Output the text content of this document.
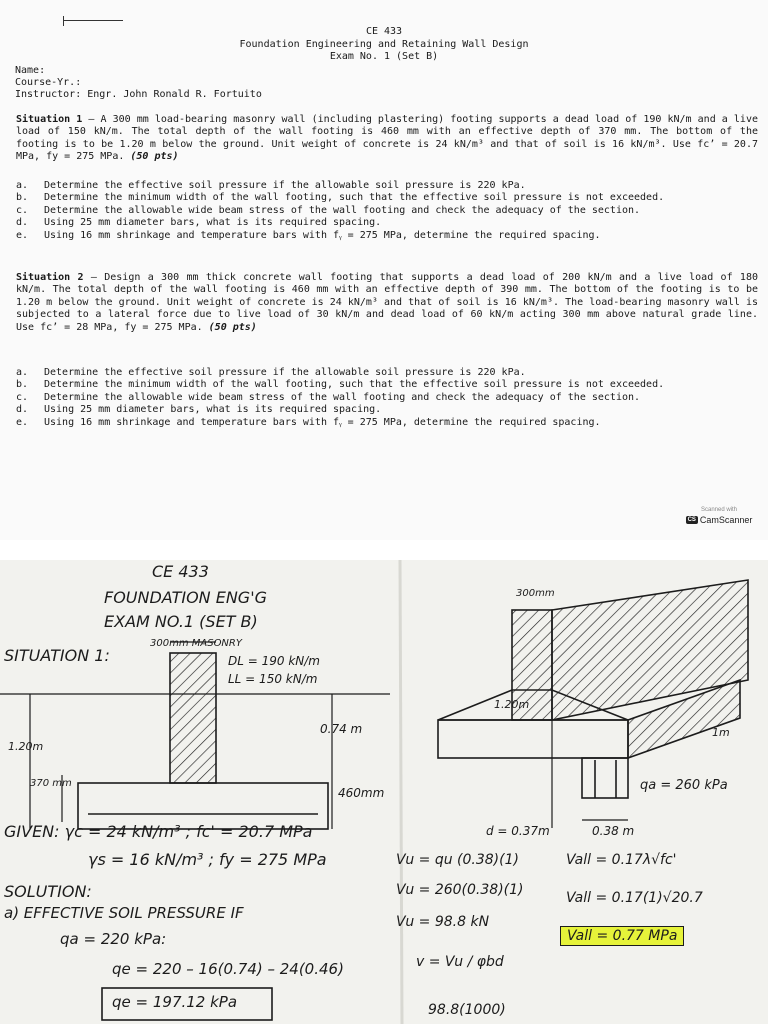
CE 433
Foundation Engineering and Retaining Wall Design
Exam No. 1 (Set B)
Name:
Course-Yr.:
Instructor: Engr. John Ronald R. Fortuito
Situation 1 – A 300 mm load-bearing masonry wall (including plastering) footing supports a dead load of 190 kN/m and a live load of 150 kN/m. The total depth of the wall footing is 460 mm with an effective depth of 370 mm. The bottom of the footing is to be 1.20 m below the ground. Unit weight of concrete is 24 kN/m³ and that of soil is 16 kN/m³. Use fc’ = 20.7 MPa, fy = 275 MPa. (50 pts)
a.	Determine the effective soil pressure if the allowable soil pressure is 220 kPa.
b.	Determine the minimum width of the wall footing, such that the effective soil pressure is not exceeded.
c.	Determine the allowable wide beam stress of the wall footing and check the adequacy of the section.
d.	Using 25 mm diameter bars, what is its required spacing.
e.	Using 16 mm shrinkage and temperature bars with fᵧ = 275 MPa, determine the required spacing.
Situation 2 – Design a 300 mm thick concrete wall footing that supports a dead load of 200 kN/m and a live load of 180 kN/m. The total depth of the wall footing is 460 mm with an effective depth of 390 mm. The bottom of the footing is to be 1.20 m below the ground. Unit weight of concrete is 24 kN/m³ and that of soil is 16 kN/m³. The load-bearing masonry wall is subjected to a lateral force due to live load of 30 kN/m and dead load of 60 kN/m acting 300 mm above natural grade line. Use fc’ = 28 MPa, fy = 275 MPa. (50 pts)
a.	Determine the effective soil pressure if the allowable soil pressure is 220 kPa.
b.	Determine the minimum width of the wall footing, such that the effective soil pressure is not exceeded.
c.	Determine the allowable wide beam stress of the wall footing and check the adequacy of the section.
d.	Using 25 mm diameter bars, what is its required spacing.
e.	Using 16 mm shrinkage and temperature bars with fᵧ = 275 MPa, determine the required spacing.
Scanned with
CS CamScanner
CE 433
FOUNDATION ENG'G
EXAM NO.1 (SET B)
SITUATION 1:
300mm MASONRY
DL = 190 kN/m
LL = 150 kN/m
0.74 m
1.20m
370 mm
460mm
GIVEN: γc = 24 kN/m³ ; fc' = 20.7 MPa
γs = 16 kN/m³ ; fy = 275 MPa
SOLUTION:
a) EFFECTIVE SOIL PRESSURE IF
qa = 220 kPa:
qe = 220 – 16(0.74) – 24(0.46)
qe = 197.12 kPa
300mm
1.20m
1m
qa = 260 kPa
d = 0.37m	0.38 m
Vu = qu (0.38)(1)
Vu = 260(0.38)(1)
Vu = 98.8 kN
v = Vu / φbd
98.8(1000)
Vall = 0.17λ√fc'
Vall = 0.17(1)√20.7
Vall = 0.77 MPa
